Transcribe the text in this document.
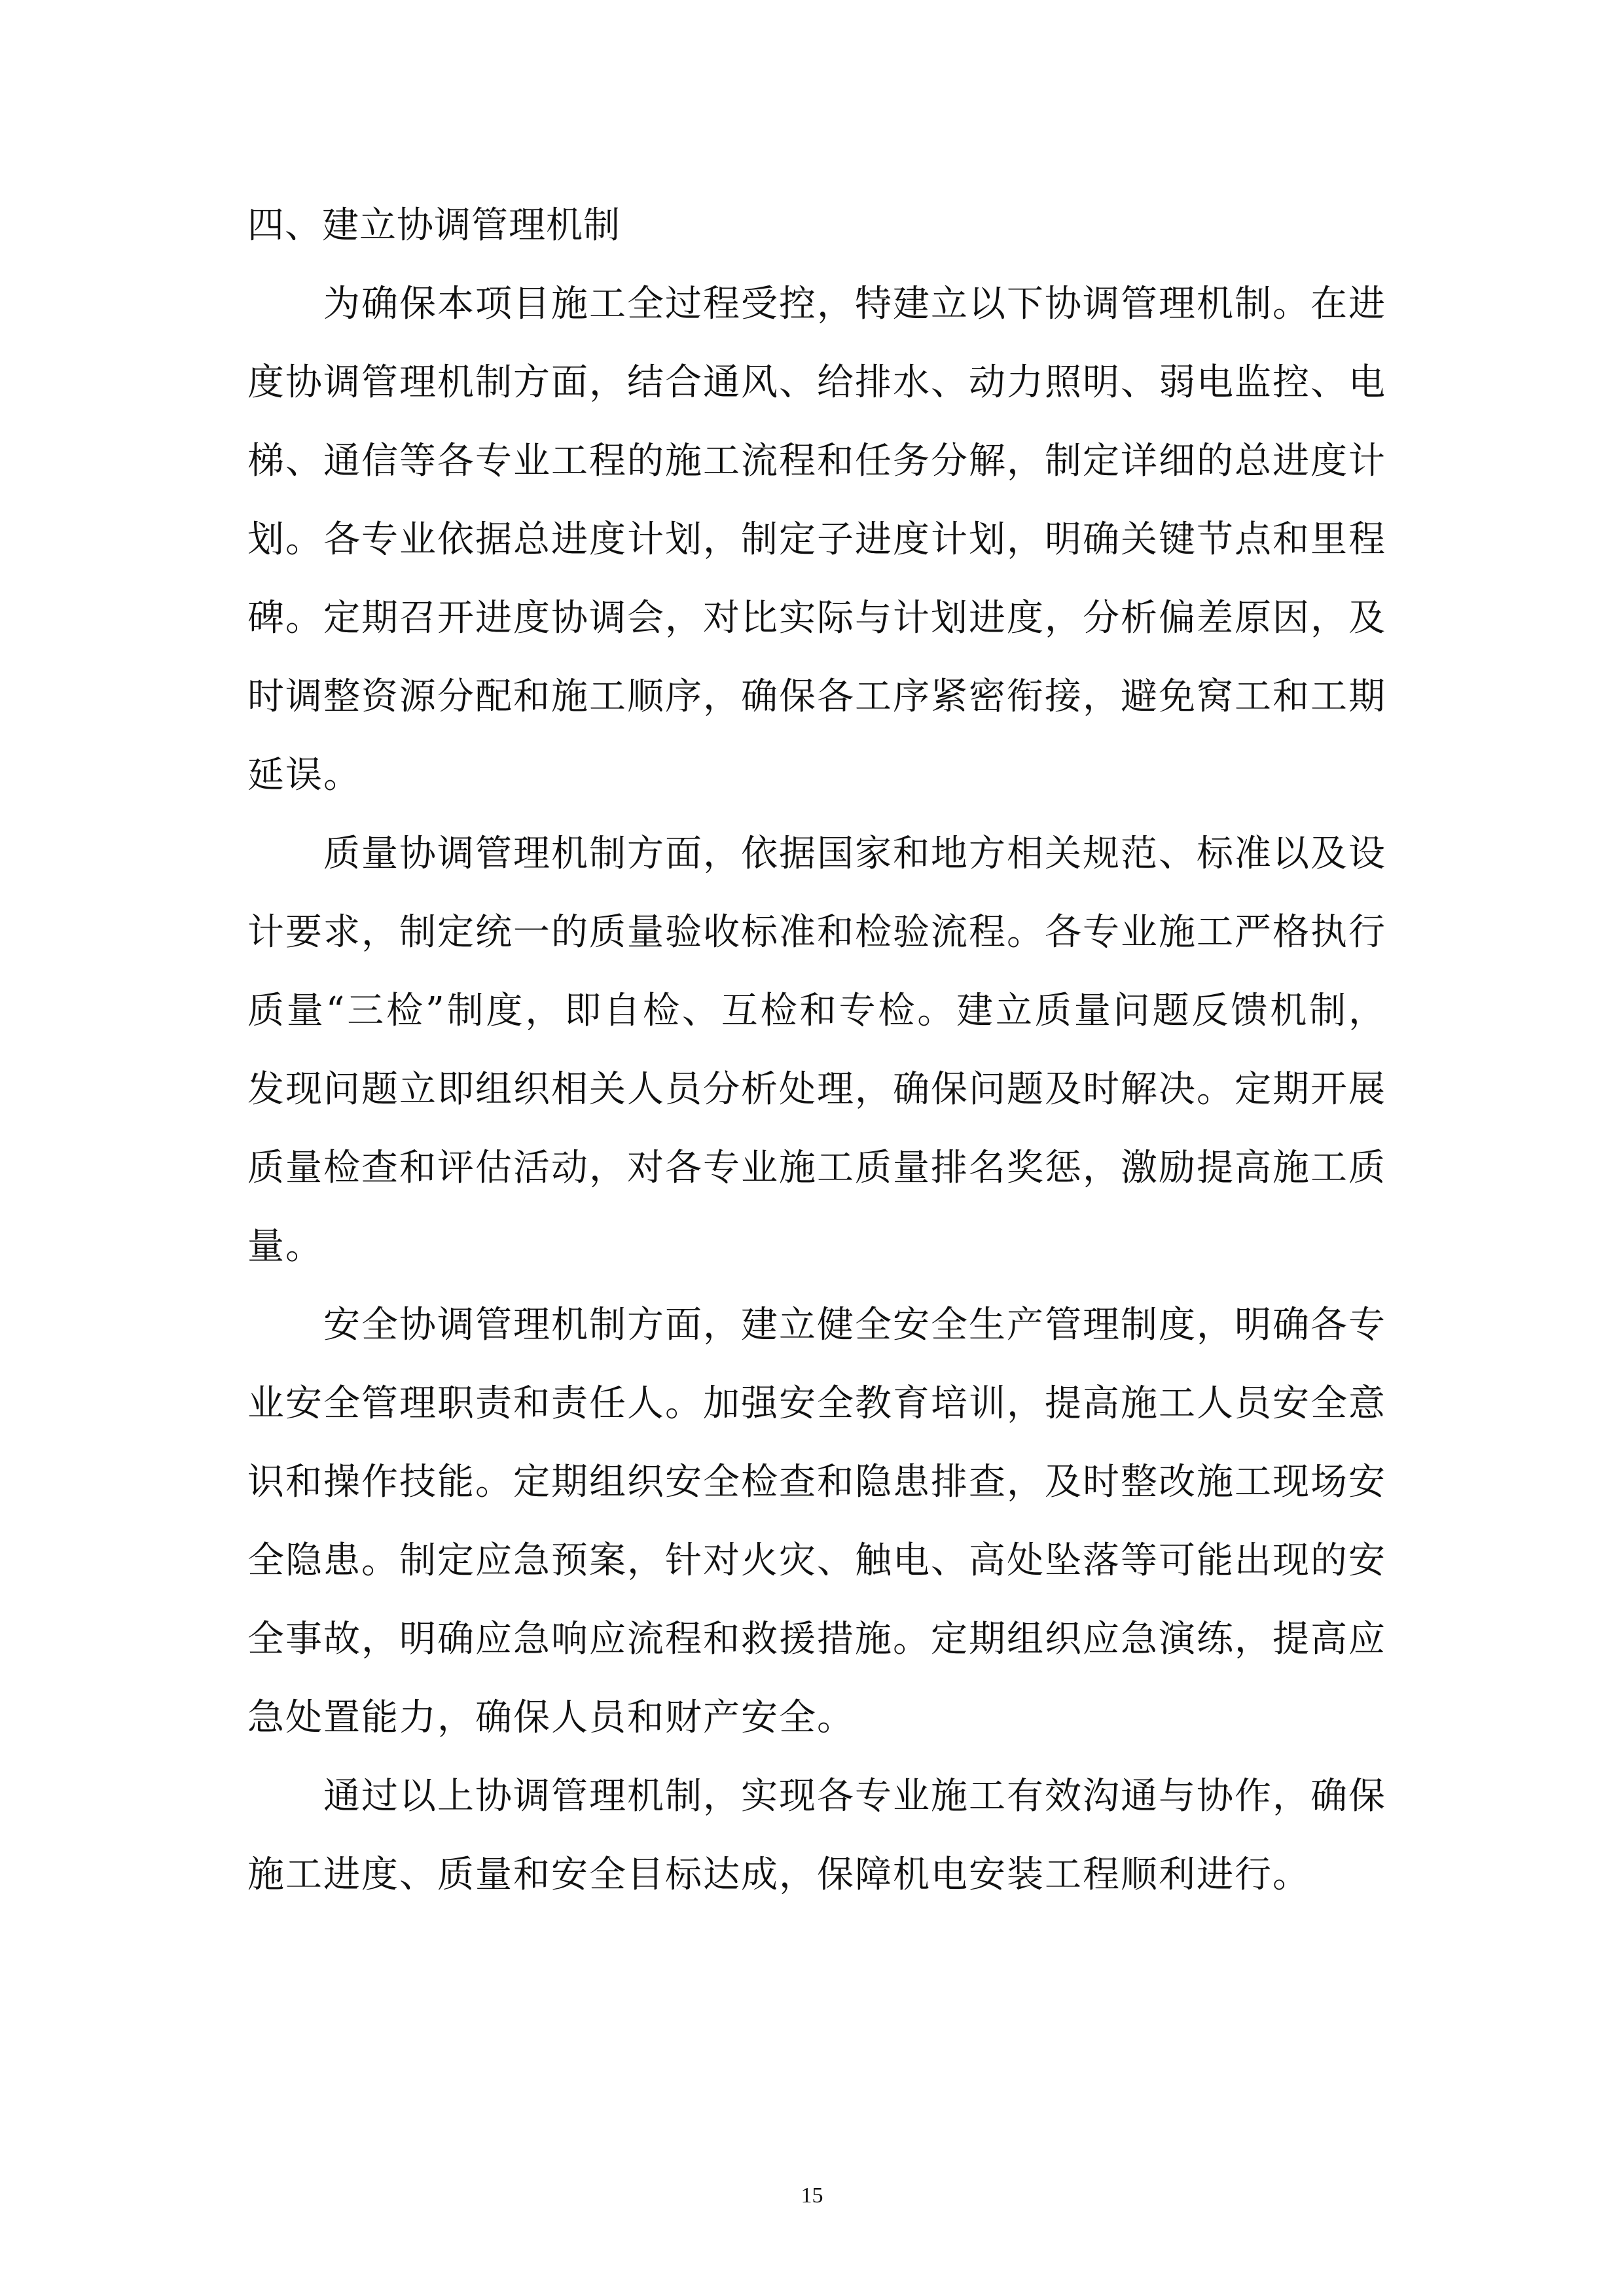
四、建立协调管理机制

为确保本项目施工全过程受控，特建立以下协调管理机制。在进度协调管理机制方面，结合通风、给排水、动力照明、弱电监控、电梯、通信等各专业工程的施工流程和任务分解，制定详细的总进度计划。各专业依据总进度计划，制定子进度计划，明确关键节点和里程碑。定期召开进度协调会，对比实际与计划进度，分析偏差原因，及时调整资源分配和施工顺序，确保各工序紧密衔接，避免窝工和工期延误。

质量协调管理机制方面，依据国家和地方相关规范、标准以及设计要求，制定统一的质量验收标准和检验流程。各专业施工严格执行质量“三检”制度，即自检、互检和专检。建立质量问题反馈机制，发现问题立即组织相关人员分析处理，确保问题及时解决。定期开展质量检查和评估活动，对各专业施工质量排名奖惩，激励提高施工质量。

安全协调管理机制方面，建立健全安全生产管理制度，明确各专业安全管理职责和责任人。加强安全教育培训，提高施工人员安全意识和操作技能。定期组织安全检查和隐患排查，及时整改施工现场安全隐患。制定应急预案，针对火灾、触电、高处坠落等可能出现的安全事故，明确应急响应流程和救援措施。定期组织应急演练，提高应急处置能力，确保人员和财产安全。

通过以上协调管理机制，实现各专业施工有效沟通与协作，确保施工进度、质量和安全目标达成，保障机电安装工程顺利进行。

15
